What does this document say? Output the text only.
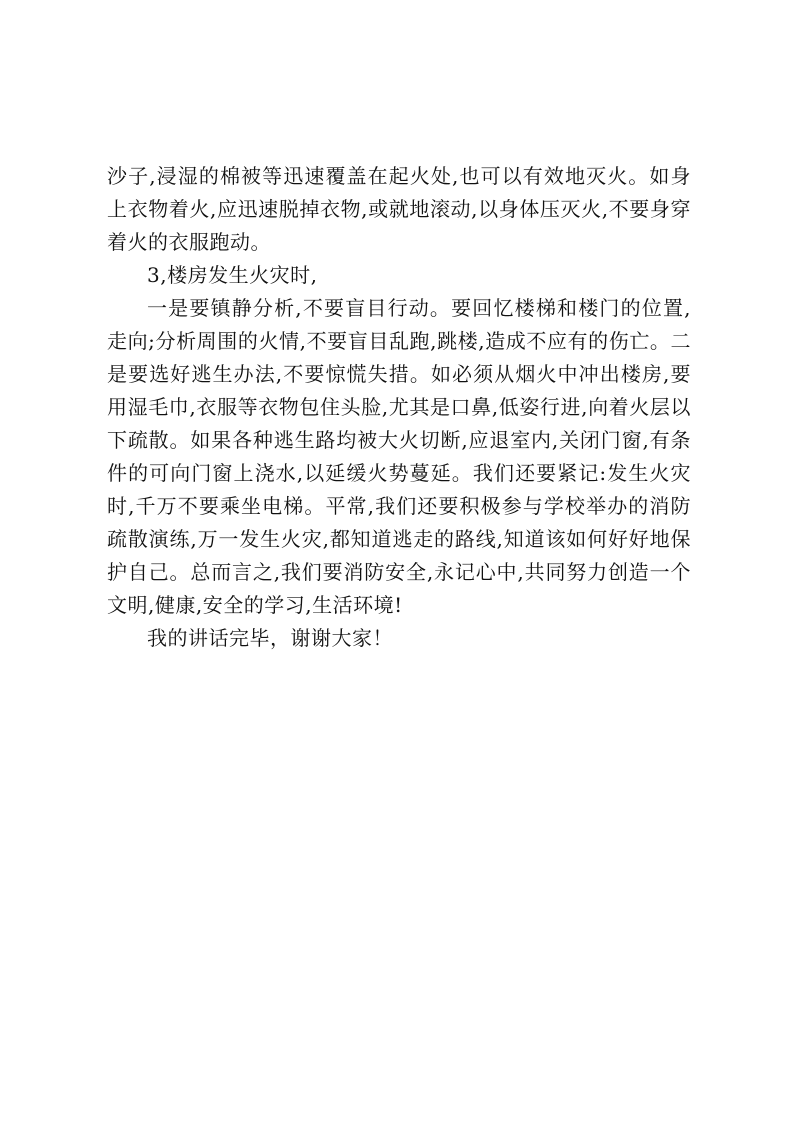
沙子,浸湿的棉被等迅速覆盖在起火处,也可以有效地灭火。如身上衣物着火,应迅速脱掉衣物,或就地滚动,以身体压灭火,不要身穿着火的衣服跑动。

3,楼房发生火灾时,

一是要镇静分析,不要盲目行动。要回忆楼梯和楼门的位置,走向;分析周围的火情,不要盲目乱跑,跳楼,造成不应有的伤亡。二是要选好逃生办法,不要惊慌失措。如必须从烟火中冲出楼房,要用湿毛巾,衣服等衣物包住头脸,尤其是口鼻,低姿行进,向着火层以下疏散。如果各种逃生路均被大火切断,应退室内,关闭门窗,有条件的可向门窗上浇水,以延缓火势蔓延。我们还要紧记:发生火灾时,千万不要乘坐电梯。平常,我们还要积极参与学校举办的消防疏散演练,万一发生火灾,都知道逃走的路线,知道该如何好好地保护自己。总而言之,我们要消防安全,永记心中,共同努力创造一个文明,健康,安全的学习,生活环境!

我的讲话完毕，谢谢大家！
